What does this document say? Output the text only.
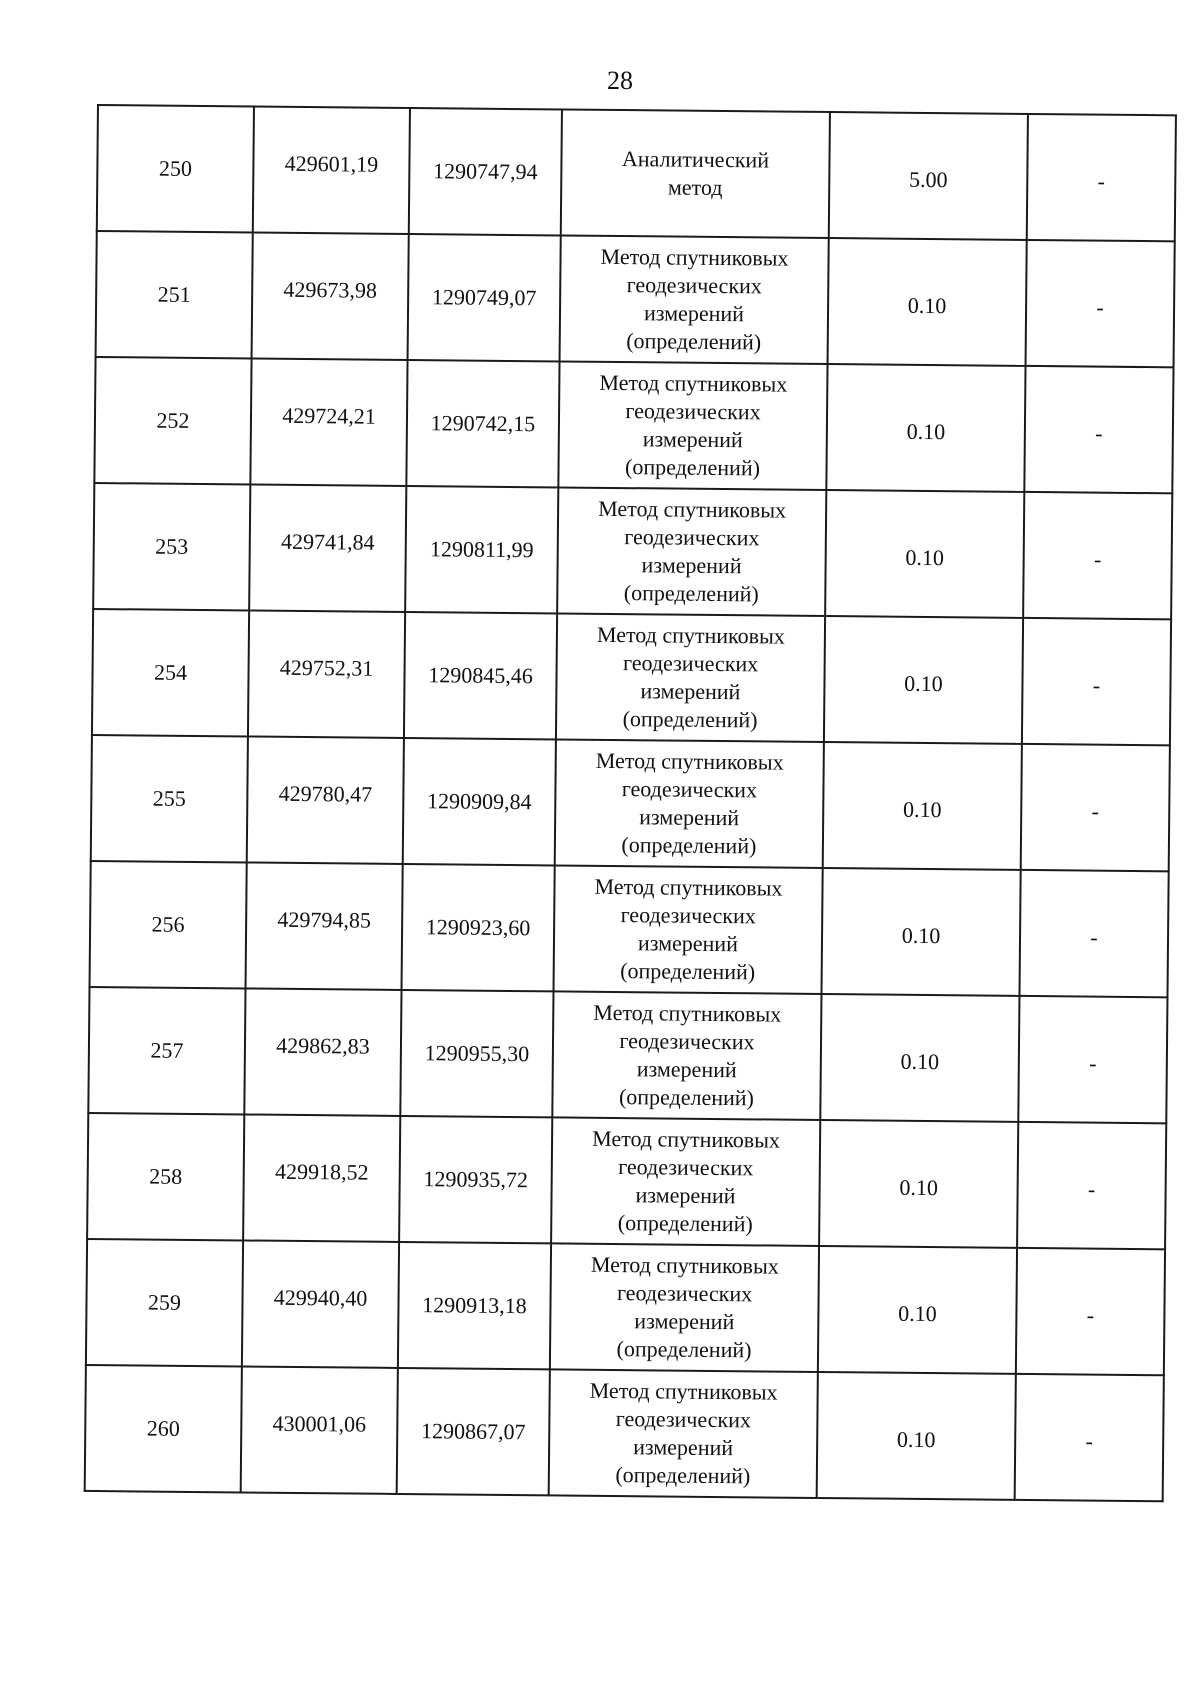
28
250	429601,19	1290747,94	Аналитический
метод	5.00	-
251	429673,98	1290749,07	Метод спутниковых
геодезических
измерений
(определений)	0.10	-
252	429724,21	1290742,15	Метод спутниковых
геодезических
измерений
(определений)	0.10	-
253	429741,84	1290811,99	Метод спутниковых
геодезических
измерений
(определений)	0.10	-
254	429752,31	1290845,46	Метод спутниковых
геодезических
измерений
(определений)	0.10	-
255	429780,47	1290909,84	Метод спутниковых
геодезических
измерений
(определений)	0.10	-
256	429794,85	1290923,60	Метод спутниковых
геодезических
измерений
(определений)	0.10	-
257	429862,83	1290955,30	Метод спутниковых
геодезических
измерений
(определений)	0.10	-
258	429918,52	1290935,72	Метод спутниковых
геодезических
измерений
(определений)	0.10	-
259	429940,40	1290913,18	Метод спутниковых
геодезических
измерений
(определений)	0.10	-
260	430001,06	1290867,07	Метод спутниковых
геодезических
измерений
(определений)	0.10	-
